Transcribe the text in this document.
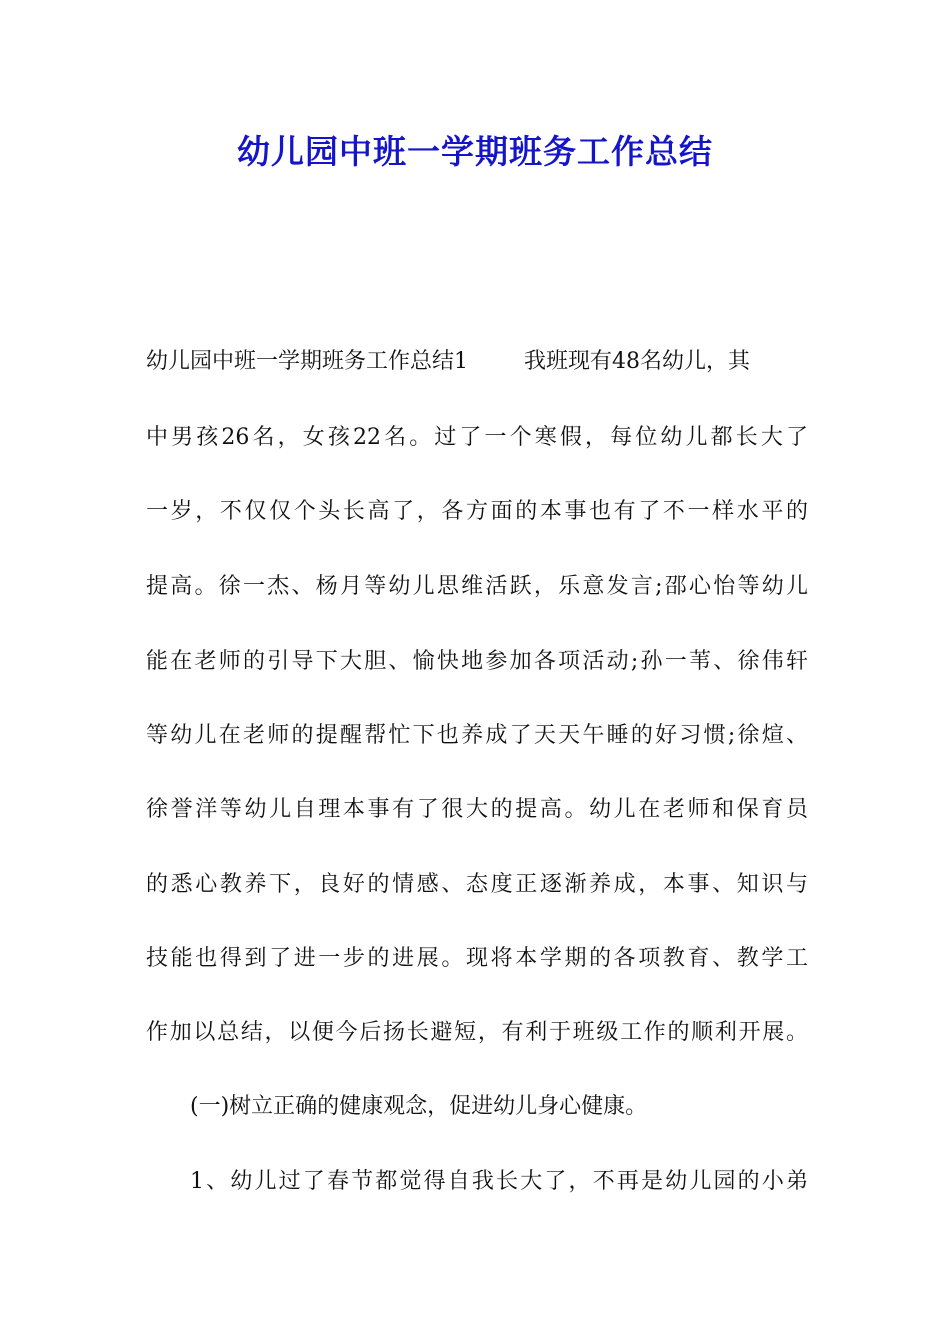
幼儿园中班一学期班务工作总结
幼儿园中班一学期班务工作总结1	我班现有48名幼儿，其
中男孩26名，女孩22名。过了一个寒假，每位幼儿都长大了
一岁，不仅仅个头长高了，各方面的本事也有了不一样水平的
提高。徐一杰、杨月等幼儿思维活跃，乐意发言;邵心怡等幼儿
能在老师的引导下大胆、愉快地参加各项活动;孙一苇、徐伟轩
等幼儿在老师的提醒帮忙下也养成了天天午睡的好习惯;徐煊、
徐誉洋等幼儿自理本事有了很大的提高。幼儿在老师和保育员
的悉心教养下，良好的情感、态度正逐渐养成，本事、知识与
技能也得到了进一步的进展。现将本学期的各项教育、教学工
作加以总结，以便今后扬长避短，有利于班级工作的顺利开展。
(一)树立正确的健康观念，促进幼儿身心健康。
1、幼儿过了春节都觉得自我长大了，不再是幼儿园的小弟
